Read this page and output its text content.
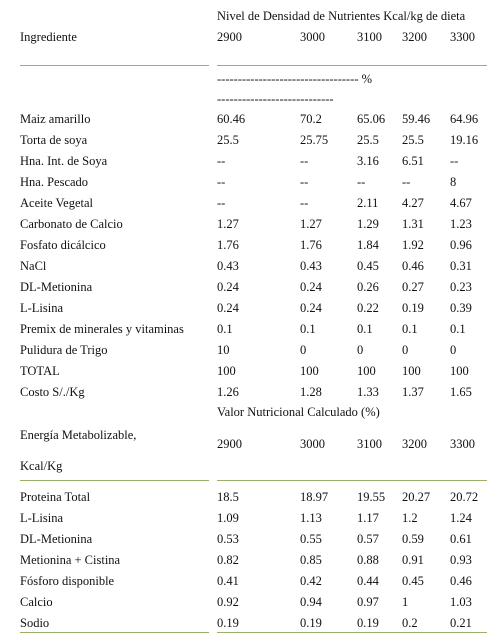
Nivel de Densidad de Nutrientes Kcal/kg de dieta
Ingrediente	2900	3000	3100 3200 3300
---------------------------------- %
----------------------------
Maiz amarillo	60.46	70.2	65.06 59.46 64.96
Torta de soya	25.5	25.75 25.5 25.5 19.16
Hna. Int. de Soya	--	--	3.16 6.51 --
Hna. Pescado	--	--	--	--	8
Aceite Vegetal	--	--	2.11 4.27 4.67
Carbonato de Calcio	1.27	1.27	1.29 1.31 1.23
Fosfato dicálcico	1.76	1.76	1.84 1.92 0.96
NaCl	0.43	0.43	0.45 0.46 0.31
DL-Metionina	0.24	0.24	0.26 0.27 0.23
L-Lisina	0.24	0.24	0.22 0.19 0.39
Premix de minerales y vitaminas	0.1	0.1	0.1 0.1	0.1
Pulidura de Trigo	10	0	0	0	0
TOTAL	100	100	100 100 100
Costo S/./Kg	1.26	1.28	1.33 1.37 1.65
Valor Nutricional Calculado (%)
Energía Metabolizable,
Kcal/Kg
2900	3000	3100 3200 3300
Proteina Total	18.5	18.97 19.55 20.27 20.72
L-Lisina	1.09	1.13	1.17 1.2	1.24
DL-Metionina	0.53	0.55	0.57 0.59 0.61
Metionina + Cistina	0.82	0.85	0.88 0.91 0.93
Fósforo disponible	0.41	0.42	0.44 0.45 0.46
Calcio	0.92	0.94	0.97 1	1.03
Sodio	0.19	0.19	0.19 0.2	0.21
